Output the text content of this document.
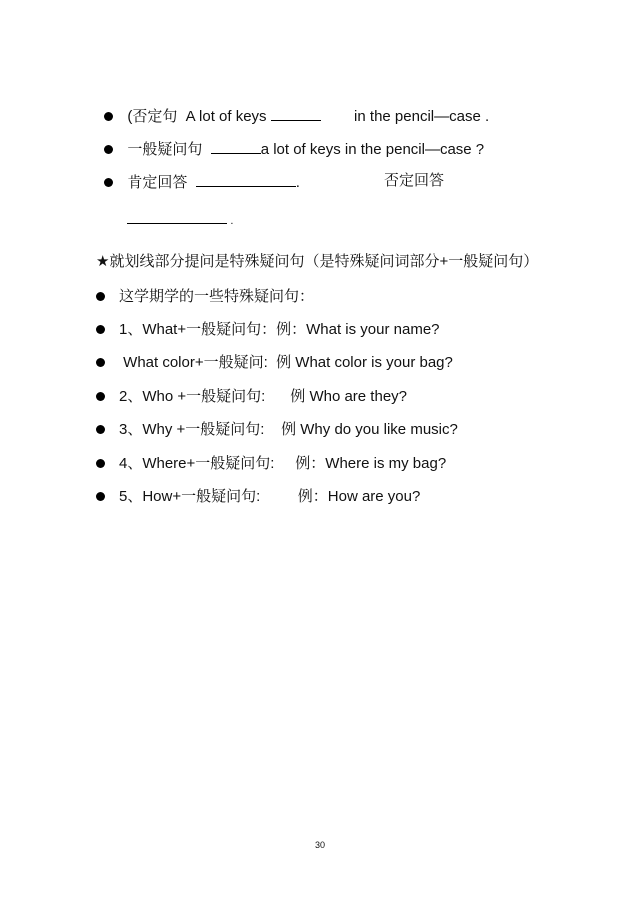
(否定句  A lot of keys	in the pencil—case .

一般疑问句	a lot of keys in the pencil—case ?

肯定回答	.	否定回答

.

★就划线部分提问是特殊疑问句（是特殊疑问词部分+一般疑问句）
这学期学的一些特殊疑问句：
1、What+一般疑问句：例：What is your name?
What color+一般疑问:  例 What color is your bag?
2、Who +一般疑问句:      例 Who are they?
3、Why +一般疑问句:    例 Why do you like music?
4、Where+一般疑问句:     例：Where is my bag?
5、How+一般疑问句:         例：How are you?
30
